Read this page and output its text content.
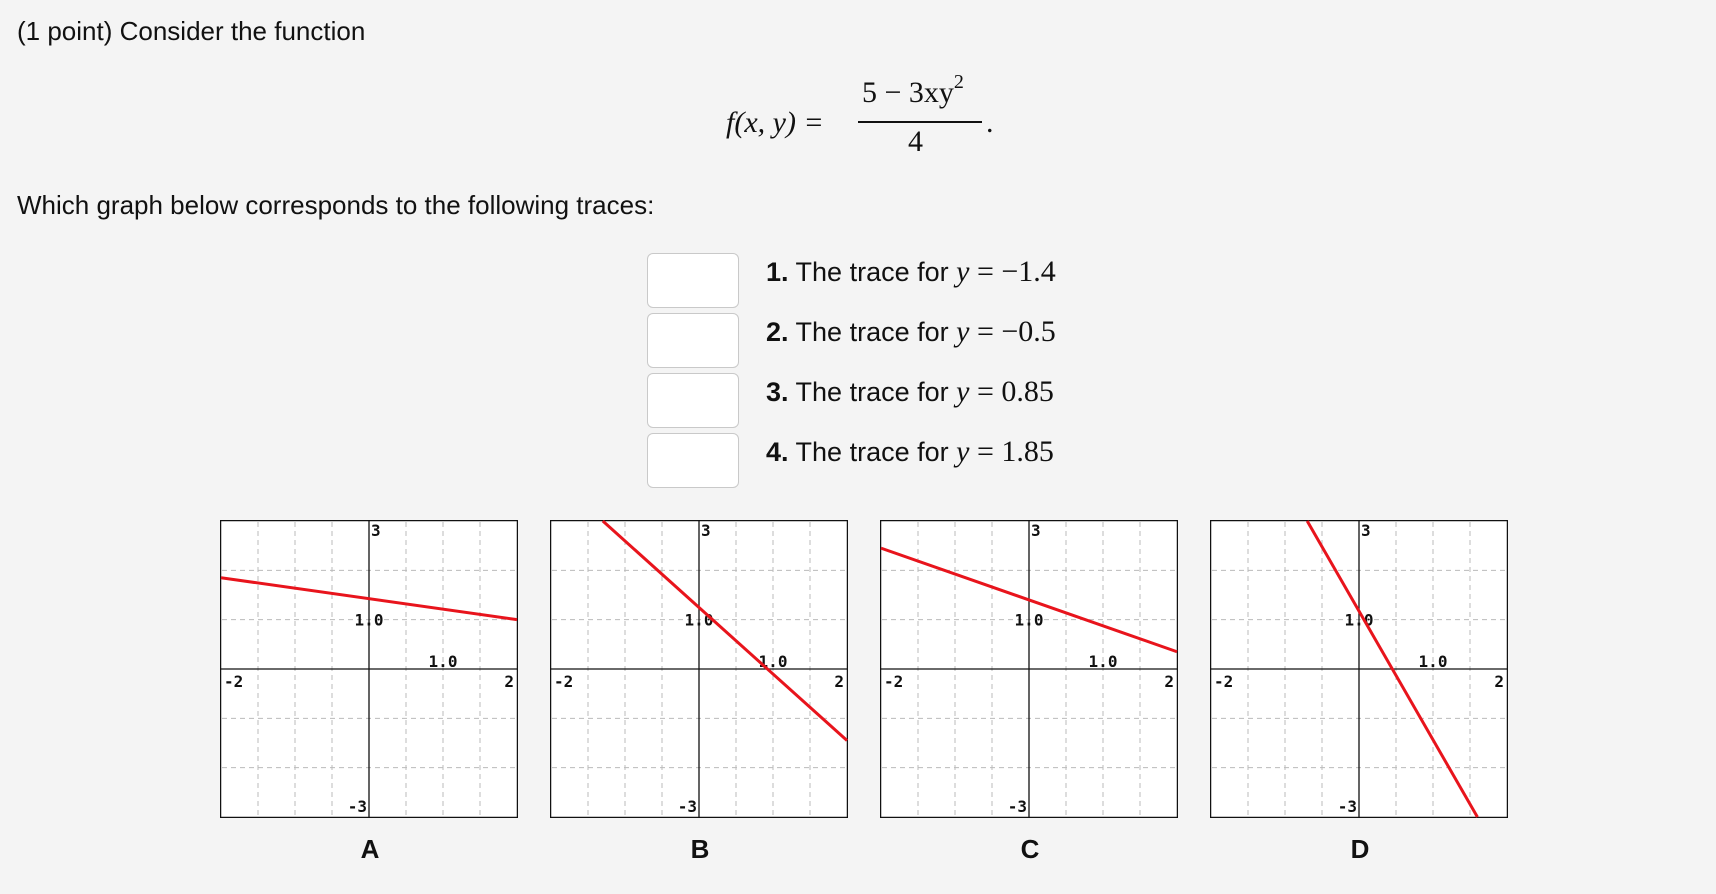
(1 point) Consider the function
f(x, y) =
$5 - 3xy^2$
4
.
Which graph below corresponds to the following traces:
1. The trace for y = −1.4
2. The trace for y = −0.5
3. The trace for y = 0.85
4. The trace for y = 1.85
3
-3
-2	2
1.0
1.0
3
-3
-2	2
1.0
1.0
3
-3
-2	2
1.0
1.0
3
-3
-2	2
1.0
1.0
A	B	C	D
